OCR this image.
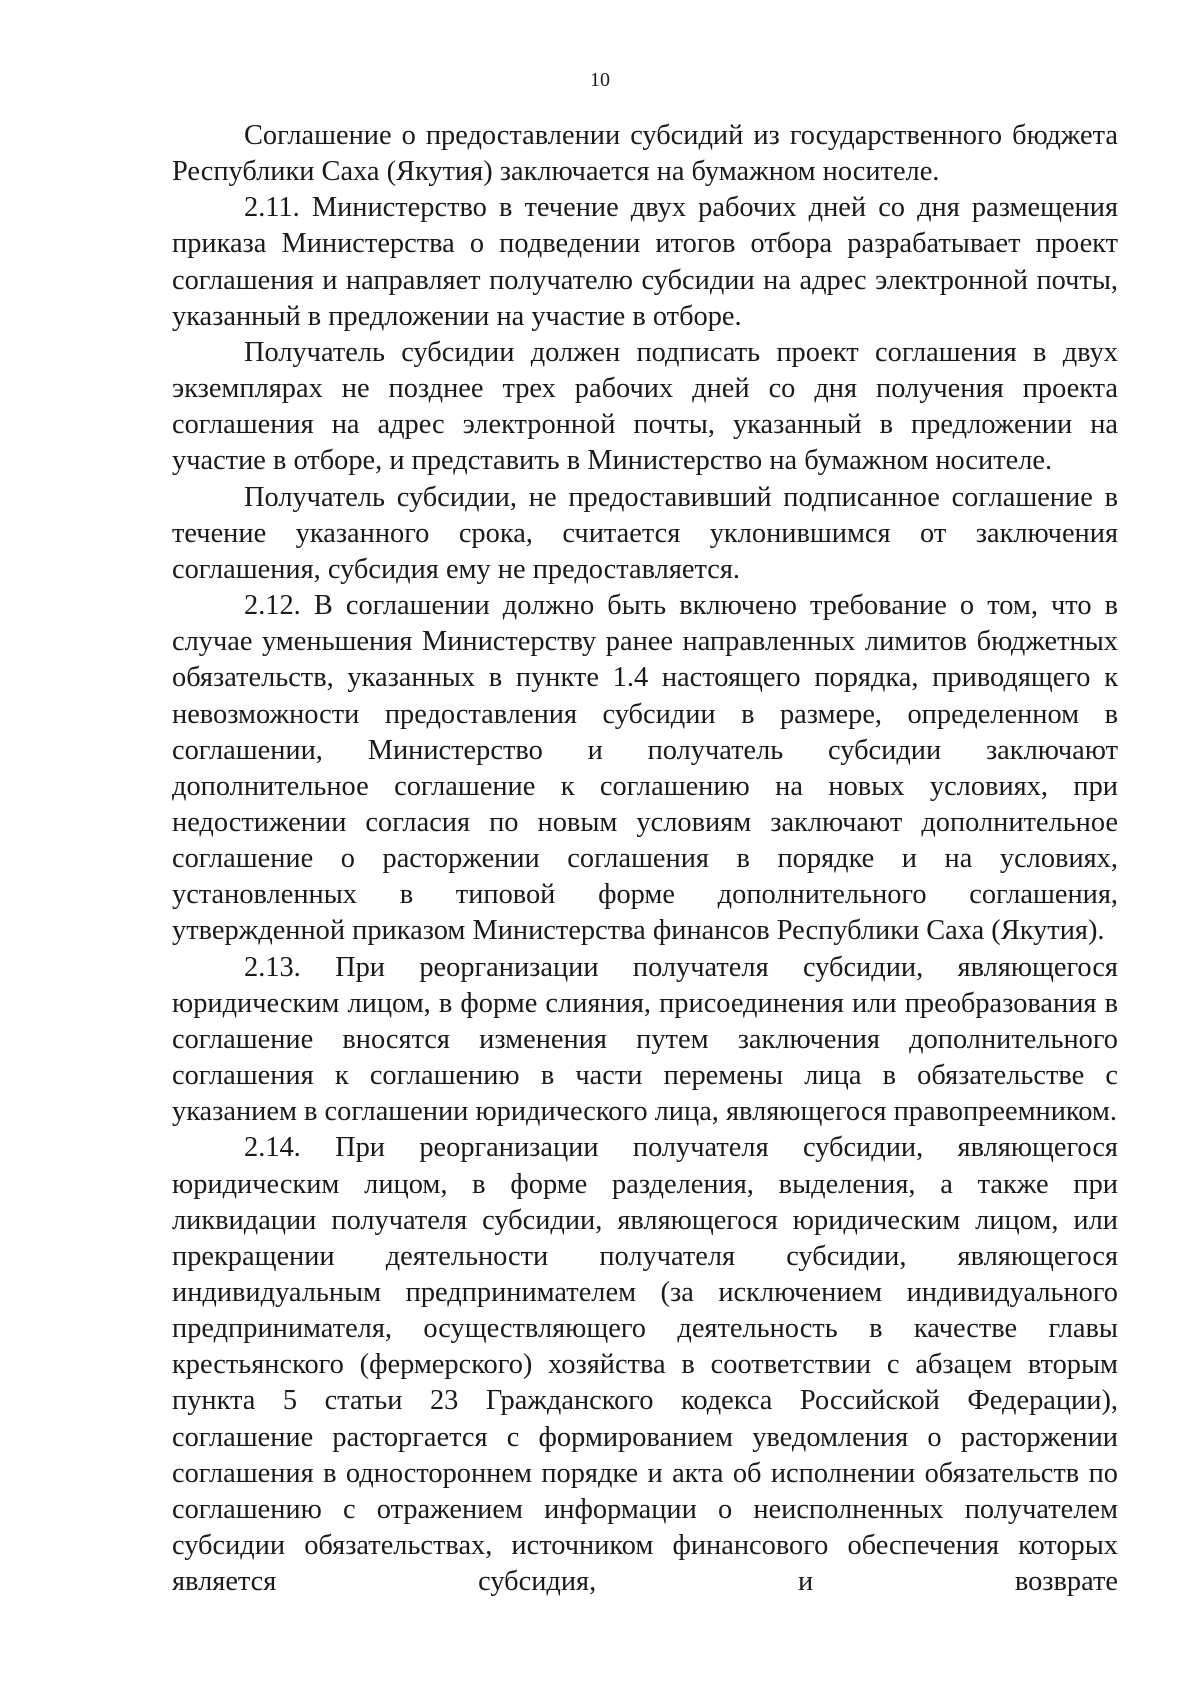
10

Соглашение о предоставлении субсидий из государственного бюджета Республики Саха (Якутия) заключается на бумажном носителе.

2.11. Министерство в течение двух рабочих дней со дня размещения приказа Министерства о подведении итогов отбора разрабатывает проект соглашения и направляет получателю субсидии на адрес электронной почты, указанный в предложении на участие в отборе.

Получатель субсидии должен подписать проект соглашения в двух экземплярах не позднее трех рабочих дней со дня получения проекта соглашения на адрес электронной почты, указанный в предложении на участие в отборе, и представить в Министерство на бумажном носителе.

Получатель субсидии, не предоставивший подписанное соглашение в течение указанного срока, считается уклонившимся от заключения соглашения, субсидия ему не предоставляется.

2.12. В соглашении должно быть включено требование о том, что в случае уменьшения Министерству ранее направленных лимитов бюджетных обязательств, указанных в пункте 1.4 настоящего порядка, приводящего к невозможности предоставления субсидии в размере, определенном в соглашении, Министерство и получатель субсидии заключают дополнительное соглашение к соглашению на новых условиях, при недостижении согласия по новым условиям заключают дополнительное соглашение о расторжении соглашения в порядке и на условиях, установленных в типовой форме дополнительного соглашения, утвержденной приказом Министерства финансов Республики Саха (Якутия).

2.13. При реорганизации получателя субсидии, являющегося юридическим лицом, в форме слияния, присоединения или преобразования в соглашение вносятся изменения путем заключения дополнительного соглашения к соглашению в части перемены лица в обязательстве с указанием в соглашении юридического лица, являющегося правопреемником.

2.14. При реорганизации получателя субсидии, являющегося юридическим лицом, в форме разделения, выделения, а также при ликвидации получателя субсидии, являющегося юридическим лицом, или прекращении деятельности получателя субсидии, являющегося индивидуальным предпринимателем (за исключением индивидуального предпринимателя, осуществляющего деятельность в качестве главы крестьянского (фермерского) хозяйства в соответствии с абзацем вторым пункта 5 статьи 23 Гражданского кодекса Российской Федерации), соглашение расторгается с формированием уведомления о расторжении соглашения в одностороннем порядке и акта об исполнении обязательств по соглашению с отражением информации о неисполненных получателем субсидии обязательствах, источником финансового обеспечения которых является субсидия, и возврате
